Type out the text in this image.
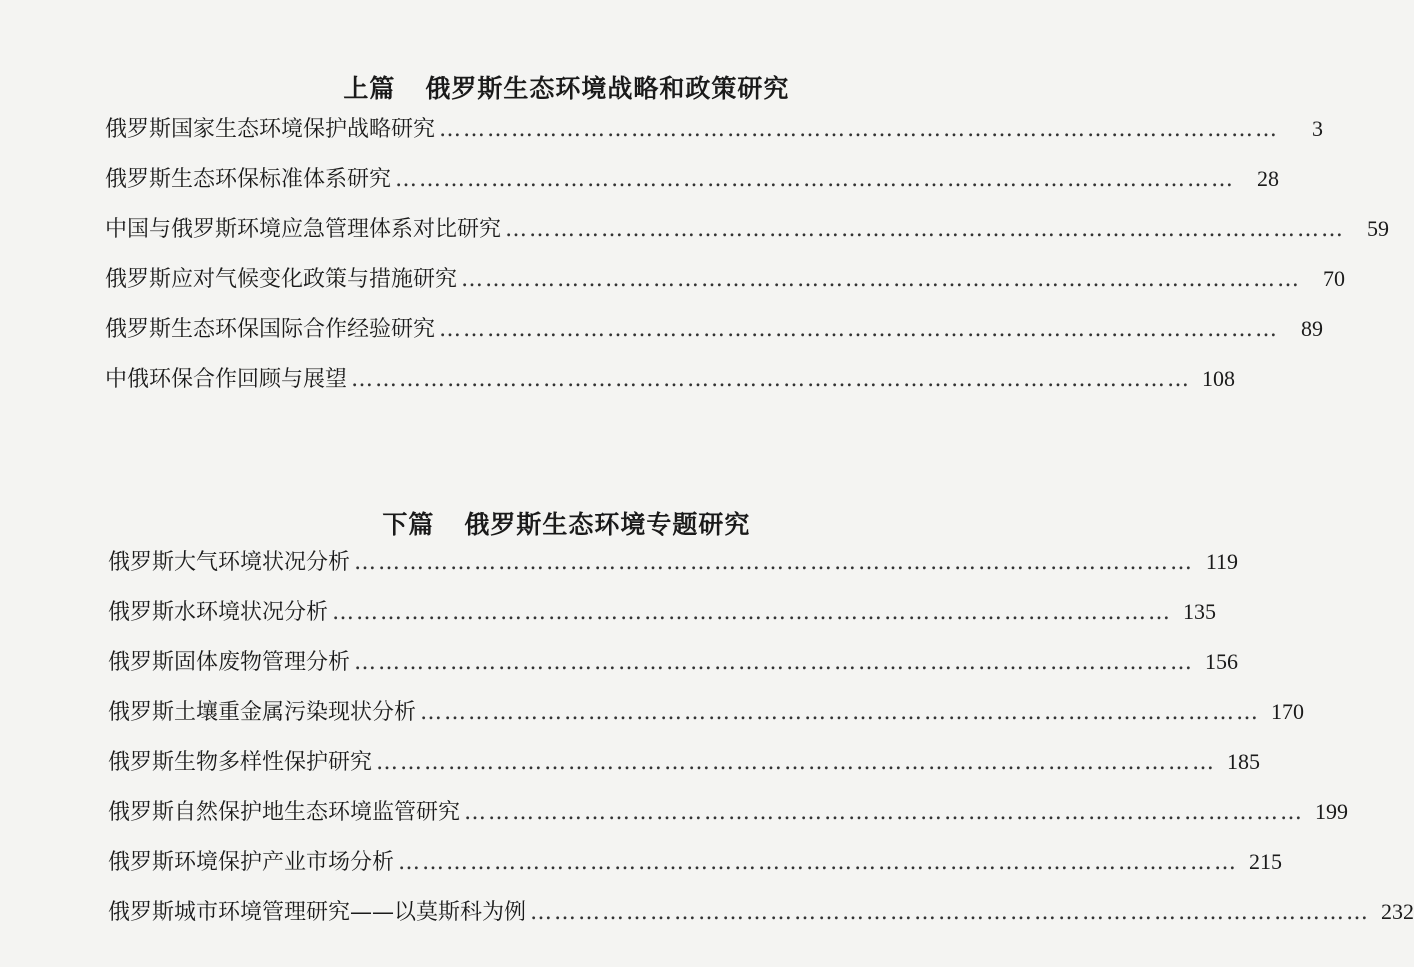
上篇 俄罗斯生态环境战略和政策研究

俄罗斯国家生态环境保护战略研究 ……………………………………………………………………………………………	3
俄罗斯生态环保标准体系研究 ……………………………………………………………………………………………	28
中国与俄罗斯环境应急管理体系对比研究 ……………………………………………………………………………………………	59
俄罗斯应对气候变化政策与措施研究 ……………………………………………………………………………………………	70
俄罗斯生态环保国际合作经验研究 ……………………………………………………………………………………………	89
中俄环保合作回顾与展望 …………………………………………………………………………………………… 108

下篇 俄罗斯生态环境专题研究

俄罗斯大气环境状况分析 …………………………………………………………………………………………… 119
俄罗斯水环境状况分析 …………………………………………………………………………………………… 135
俄罗斯固体废物管理分析 …………………………………………………………………………………………… 156
俄罗斯土壤重金属污染现状分析 …………………………………………………………………………………………… 170
俄罗斯生物多样性保护研究 …………………………………………………………………………………………… 185
俄罗斯自然保护地生态环境监管研究 …………………………………………………………………………………………… 199
俄罗斯环境保护产业市场分析 …………………………………………………………………………………………… 215
俄罗斯城市环境管理研究——以莫斯科为例 …………………………………………………………………………………………… 232
